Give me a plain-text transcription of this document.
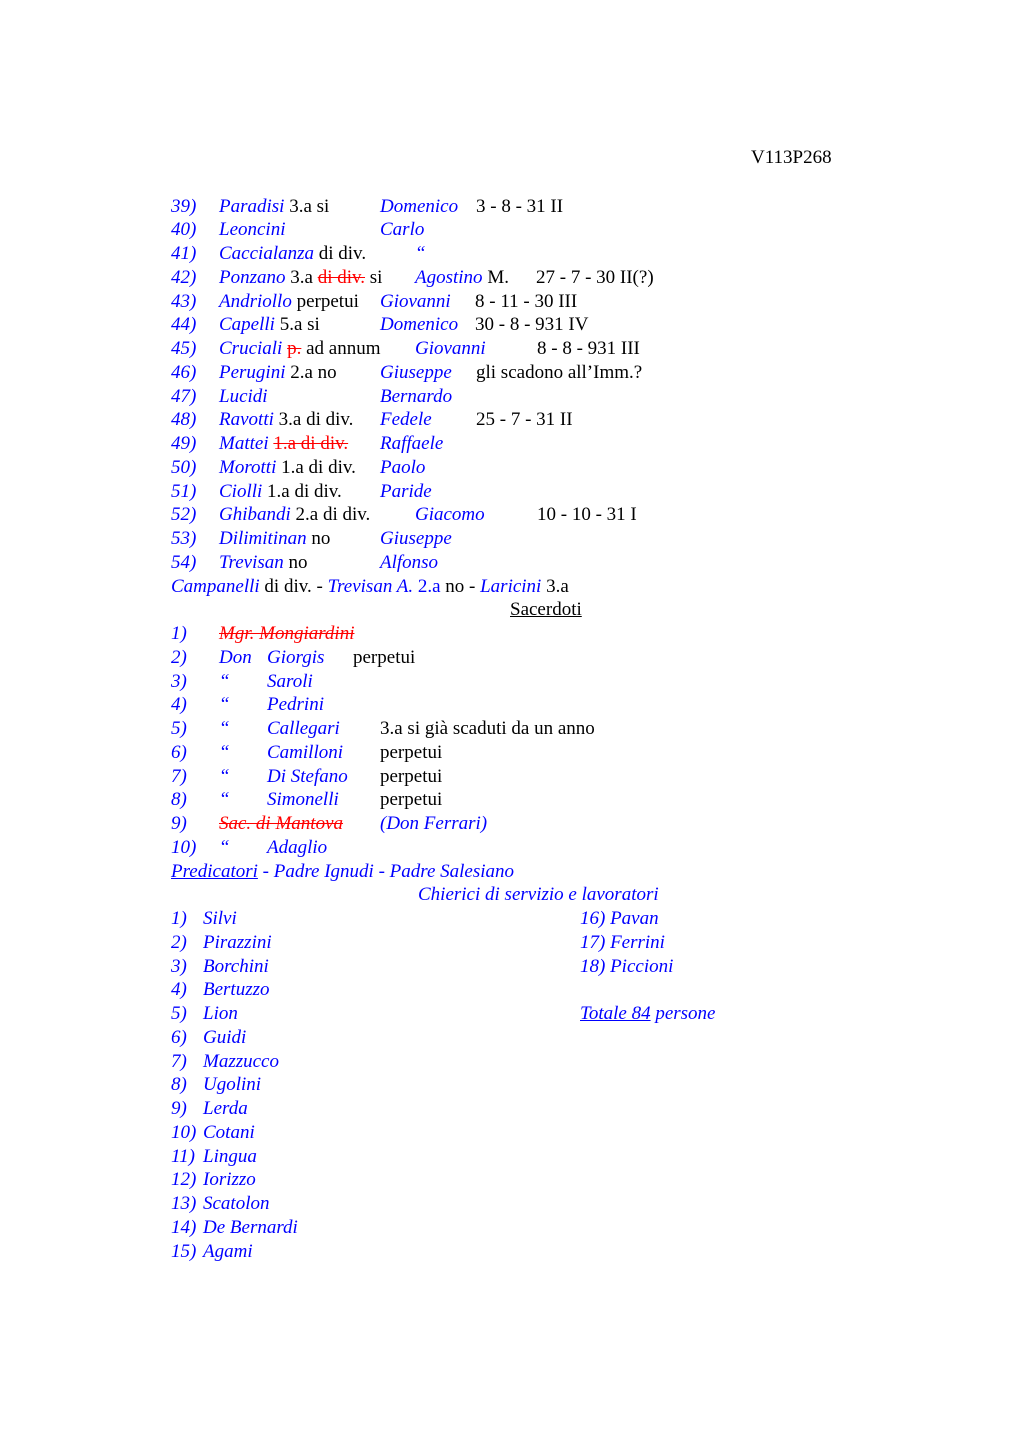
V113P268
39) Paradisi 3.a si	Domenico 3 - 8 - 31 II
40) Leoncini	Carlo
41) Caccialanza di div.	“
42) Ponzano 3.a di div. si Agostino M. 27 - 7 - 30 II(?)
43) Andriollo perpetui Giovanni 8 - 11 - 30 III
44) Capelli 5.a si	Domenico 30 - 8 - 931 IV
45) Cruciali p. ad annum Giovanni	8 - 8 - 931 III
46) Perugini 2.a no Giuseppe gli scadono all’Imm.?
47) Lucidi	Bernardo
48) Ravotti 3.a di div. Fedele 25 - 7 - 31 II
49) Mattei 1.a di div. Raffaele
50) Morotti 1.a di div. Paolo
51) Ciolli 1.a di div. Paride
52) Ghibandi 2.a di div. Giacomo	10 - 10 - 31 I
53) Dilimitinan no	Giuseppe
54) Trevisan no	Alfonso
Campanelli di div. - Trevisan A. 2.a no - Laricini 3.a
Sacerdoti
1) Mgr. Mongiardini
2) Don Giorgis perpetui
3) “ Saroli
4) “ Pedrini
5) “ Callegari 3.a si già scaduti da un anno
6) “ Camilloni perpetui
7) “ Di Stefano perpetui
8) “ Simonelli perpetui
9) Sac. di Mantova (Don Ferrari)
10) “ Adaglio
Predicatori - Padre Ignudi - Padre Salesiano
Chierici di servizio e lavoratori
1) Silvi
2) Pirazzini
3) Borchini
4) Bertuzzo
5) Lion
6) Guidi
7) Mazzucco
8) Ugolini
9) Lerda
10) Cotani
11) Lingua
12) Iorizzo
13) Scatolon
14) De Bernardi
15) Agami
16) Pavan
17) Ferrini
18) Piccioni
Totale 84 persone
